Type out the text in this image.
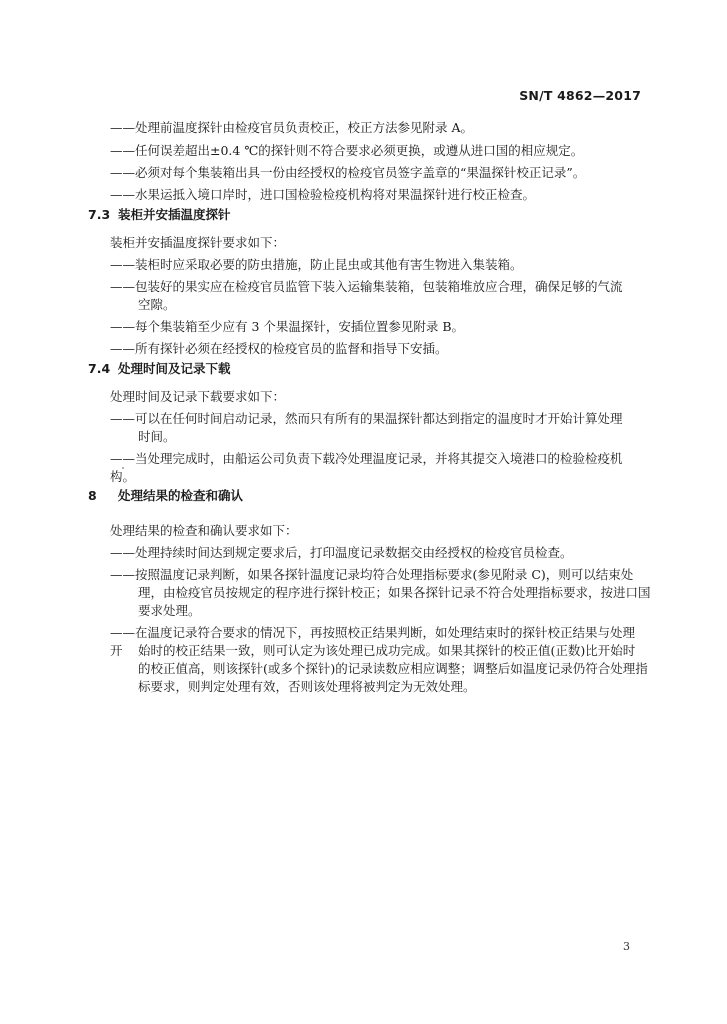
SN/T 4862—2017
——处理前温度探针由检疫官员负责校正，校正方法参见附录 A。
——任何误差超出±0.4 ℃的探针则不符合要求必须更换，或遵从进口国的相应规定。
——必须对每个集装箱出具一份由经授权的检疫官员签字盖章的“果温探针校正记录”。
——水果运抵入境口岸时，进口国检验检疫机构将对果温探针进行校正检查。
7.3 装柜并安插温度探针
装柜并安插温度探针要求如下：
——装柜时应采取必要的防虫措施，防止昆虫或其他有害生物进入集装箱。
——包装好的果实应在检疫官员监管下装入运输集装箱，包装箱堆放应合理，确保足够的气流
空隙。
——每个集装箱至少应有 3 个果温探针，安插位置参见附录 B。
——所有探针必须在经授权的检疫官员的监督和指导下安插。
7.4 处理时间及记录下载
处理时间及记录下载要求如下：
——可以在任何时间启动记录，然而只有所有的果温探针都达到指定的温度时才开始计算处理
时间。
——当处理完成时，由船运公司负责下载冷处理温度记录，并将其提交入境港口的检验检疫机构。
8 处理结果的检查和确认
处理结果的检查和确认要求如下：
——处理持续时间达到规定要求后，打印温度记录数据交由经授权的检疫官员检查。
——按照温度记录判断，如果各探针温度记录均符合处理指标要求(参见附录 C)，则可以结束处
理，由检疫官员按规定的程序进行探针校正；如果各探针记录不符合处理指标要求，按进口国
要求处理。
——在温度记录符合要求的情况下，再按照校正结果判断，如处理结束时的探针校正结果与处理开	始时的校正结果一致，则可认定为该处理已成功完成。如果其探针的校正值(正数)比开始时
的校正值高，则该探针(或多个探针)的记录读数应相应调整；调整后如温度记录仍符合处理指
标要求，则判定处理有效，否则该处理将被判定为无效处理。
3
